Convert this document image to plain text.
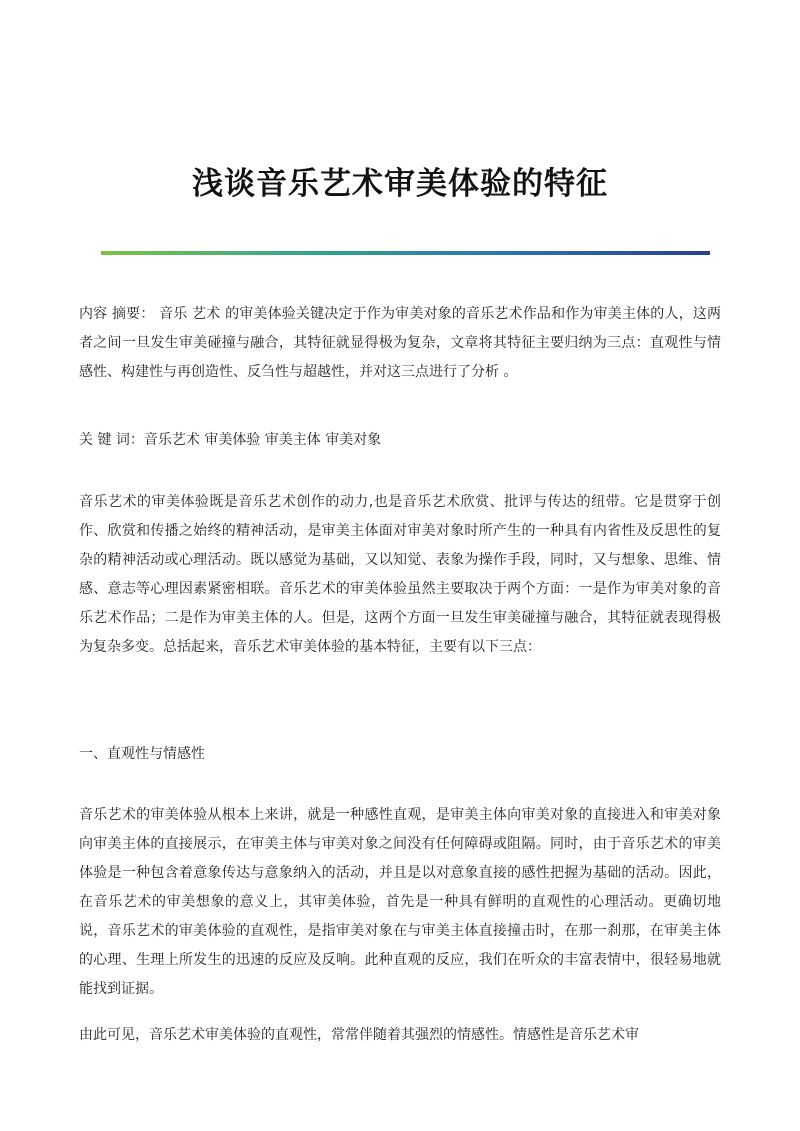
浅谈音乐艺术审美体验的特征

内容 摘要： 音乐 艺术 的审美体验关键决定于作为审美对象的音乐艺术作品和作为审美主体的人，这两者之间一旦发生审美碰撞与融合，其特征就显得极为复杂，文章将其特征主要归纳为三点：直观性与情感性、构建性与再创造性、反刍性与超越性，并对这三点进行了分析 。

关 键 词：音乐艺术 审美体验 审美主体 审美对象

音乐艺术的审美体验既是音乐艺术创作的动力,也是音乐艺术欣赏、批评与传达的纽带。它是贯穿于创作、欣赏和传播之始终的精神活动，是审美主体面对审美对象时所产生的一种具有内省性及反思性的复杂的精神活动或心理活动。既以感觉为基础，又以知觉、表象为操作手段，同时，又与想象、思维、情感、意志等心理因素紧密相联。音乐艺术的审美体验虽然主要取决于两个方面：一是作为审美对象的音乐艺术作品；二是作为审美主体的人。但是，这两个方面一旦发生审美碰撞与融合，其特征就表现得极为复杂多变。总括起来，音乐艺术审美体验的基本特征，主要有以下三点：

一、直观性与情感性

音乐艺术的审美体验从根本上来讲，就是一种感性直观，是审美主体向审美对象的直接进入和审美对象向审美主体的直接展示，在审美主体与审美对象之间没有任何障碍或阻隔。同时，由于音乐艺术的审美体验是一种包含着意象传达与意象纳入的活动，并且是以对意象直接的感性把握为基础的活动。因此，在音乐艺术的审美想象的意义上，其审美体验，首先是一种具有鲜明的直观性的心理活动。更确切地说，音乐艺术的审美体验的直观性，是指审美对象在与审美主体直接撞击时，在那一刹那，在审美主体的心理、生理上所发生的迅速的反应及反响。此种直观的反应，我们在听众的丰富表情中，很轻易地就能找到证据。

由此可见，音乐艺术审美体验的直观性，常常伴随着其强烈的情感性。情感性是音乐艺术审
